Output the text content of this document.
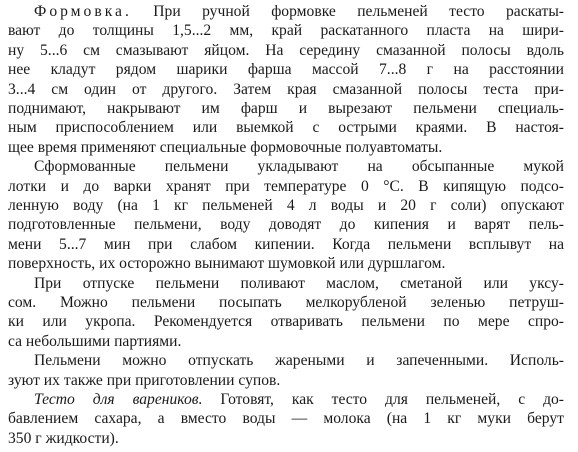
Формовка. При ручной формовке пельменей тесто раскаты-
вают до толщины 1,5...2 мм, край раскатанного пласта на шири-
ну 5...6 см смазывают яйцом. На середину смазанной полосы вдоль
нее кладут рядом шарики фарша массой 7...8 г на расстоянии
3...4 см один от другого. Затем края смазанной полосы теста при-
поднимают, накрывают им фарш и вырезают пельмени специаль-
ным приспособлением или выемкой с острыми краями. В настоя-
щее время применяют специальные формовочные полуавтоматы.
Сформованные пельмени укладывают на обсыпанные мукой
лотки и до варки хранят при температуре 0 °С. В кипящую подсо-
ленную воду (на 1 кг пельменей 4 л воды и 20 г соли) опускают
подготовленные пельмени, воду доводят до кипения и варят пель-
мени 5...7 мин при слабом кипении. Когда пельмени всплывут на
поверхность, их осторожно вынимают шумовкой или дуршлагом.
При отпуске пельмени поливают маслом, сметаной или уксу-
сом. Можно пельмени посыпать мелкорубленой зеленью петруш-
ки или укропа. Рекомендуется отваривать пельмени по мере спро-
са небольшими партиями.
Пельмени можно отпускать жареными и запеченными. Исполь-
зуют их также при приготовлении супов.
Тесто для вареников. Готовят, как тесто для пельменей, с до-
бавлением сахара, а вместо воды — молока (на 1 кг муки берут
350 г жидкости).
